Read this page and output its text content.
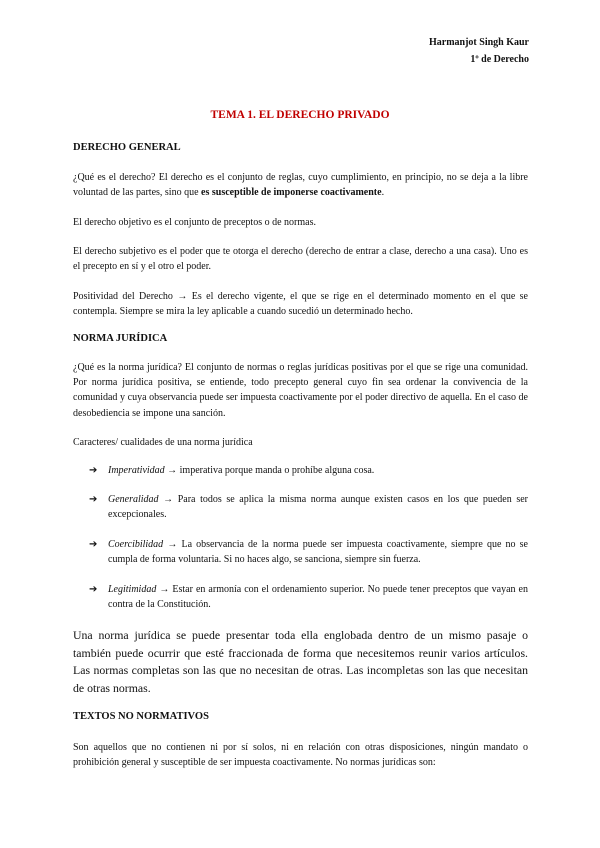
Harmanjot Singh Kaur
1º de Derecho
TEMA 1. EL DERECHO PRIVADO
DERECHO GENERAL
¿Qué es el derecho? El derecho es el conjunto de reglas, cuyo cumplimiento, en principio, no se deja a la libre voluntad de las partes, sino que es susceptible de imponerse coactivamente.
El derecho objetivo es el conjunto de preceptos o de normas.
El derecho subjetivo es el poder que te otorga el derecho (derecho de entrar a clase, derecho a una casa). Uno es el precepto en sí y el otro el poder.
Positividad del Derecho → Es el derecho vigente, el que se rige en el determinado momento en el que se contempla. Siempre se mira la ley aplicable a cuando sucedió un determinado hecho.
NORMA JURÍDICA
¿Qué es la norma jurídica? El conjunto de normas o reglas jurídicas positivas por el que se rige una comunidad. Por norma jurídica positiva, se entiende, todo precepto general cuyo fin sea ordenar la convivencia de la comunidad y cuya observancia puede ser impuesta coactivamente por el poder directivo de aquella. En el caso de desobediencia se impone una sanción.
Caracteres/ cualidades de una norma jurídica
➔	Imperatividad → imperativa porque manda o prohíbe alguna cosa.
➔	Generalidad → Para todos se aplica la misma norma aunque existen casos en los que pueden ser excepcionales.
➔	Coercibilidad → La observancia de la norma puede ser impuesta coactivamente, siempre que no se cumpla de forma voluntaria. Si no haces algo, se sanciona, siempre sin fuerza.
➔	Legitimidad → Estar en armonía con el ordenamiento superior. No puede tener preceptos que vayan en contra de la Constitución.
Una norma jurídica se puede presentar toda ella englobada dentro de un mismo pasaje o también puede ocurrir que esté fraccionada de forma que necesitemos reunir varios artículos. Las normas completas son las que no necesitan de otras. Las incompletas son las que necesitan de otras normas.
TEXTOS NO NORMATIVOS
Son aquellos que no contienen ni por sí solos, ni en relación con otras disposiciones, ningún mandato o prohibición general y susceptible de ser impuesta coactivamente. No normas jurídicas son:
